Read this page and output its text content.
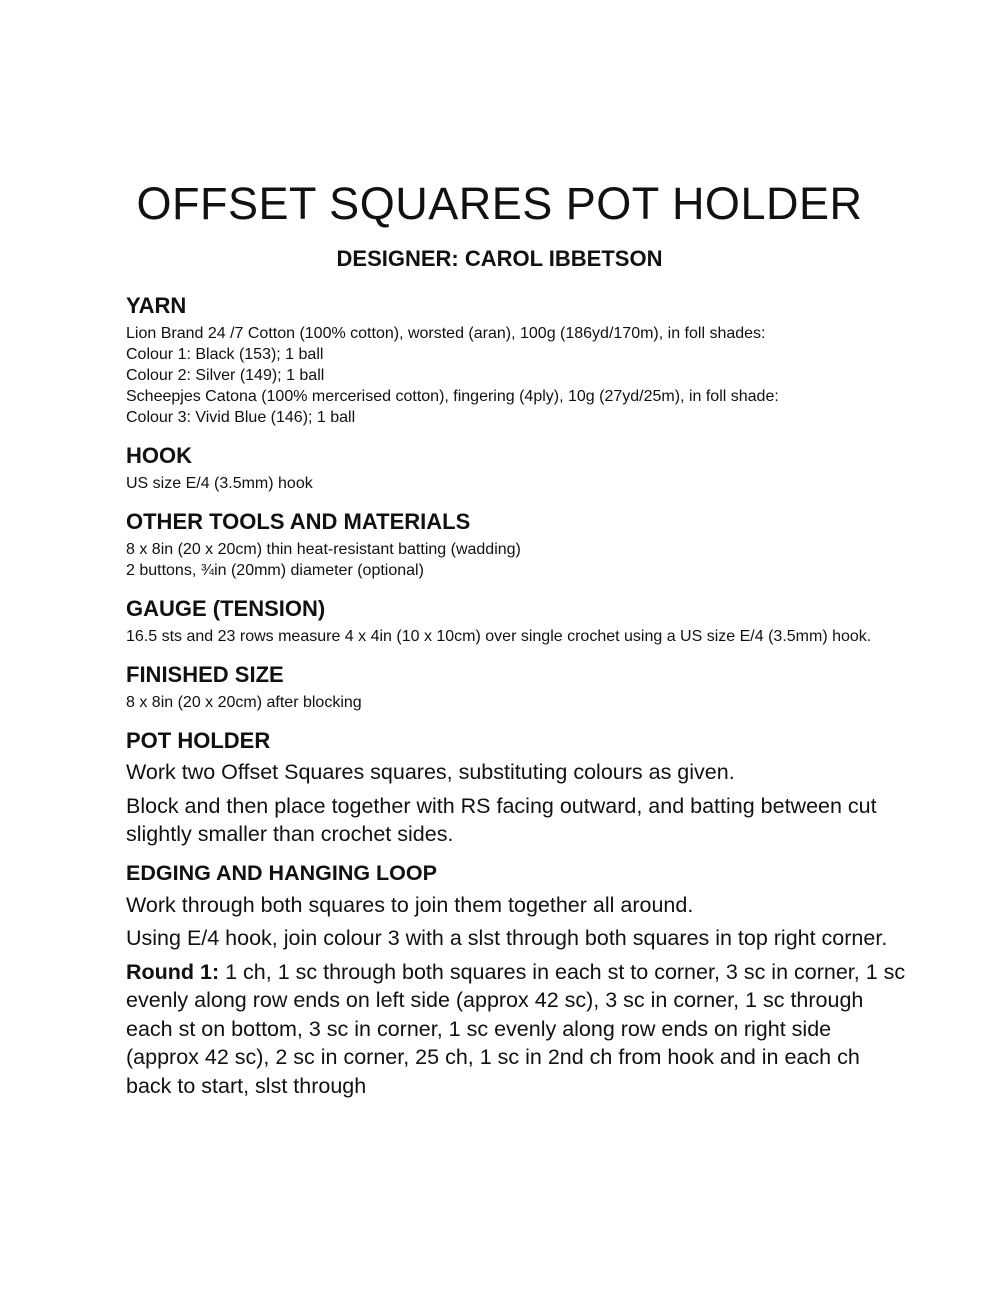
OFFSET SQUARES POT HOLDER
DESIGNER: CAROL IBBETSON
YARN

Lion Brand 24 /7 Cotton (100% cotton), worsted (aran), 100g (186yd/170m), in foll shades:

Colour 1: Black (153); 1 ball

Colour 2: Silver (149); 1 ball

Scheepjes Catona (100% mercerised cotton), fingering (4ply), 10g (27yd/25m), in foll shade:

Colour 3: Vivid Blue (146); 1 ball

HOOK

US size E/4 (3.5mm) hook

OTHER TOOLS AND MATERIALS

8 x 8in (20 x 20cm) thin heat-resistant batting (wadding)

2 buttons, ¾in (20mm) diameter (optional)

GAUGE (TENSION)

16.5 sts and 23 rows measure 4 x 4in (10 x 10cm) over single crochet using a US size E/4 (3.5mm) hook.

FINISHED SIZE

8 x 8in (20 x 20cm) after blocking

POT HOLDER

Work two Offset Squares squares, substituting colours as given.

Block and then place together with RS facing outward, and batting between cut slightly smaller than crochet sides.

EDGING AND HANGING LOOP

Work through both squares to join them together all around.

Using E/4 hook, join colour 3 with a slst through both squares in top right corner.

Round 1: 1 ch, 1 sc through both squares in each st to corner, 3 sc in corner, 1 sc evenly along row ends on left side (approx 42 sc), 3 sc in corner, 1 sc through each st on bottom, 3 sc in corner, 1 sc evenly along row ends on right side (approx 42 sc), 2 sc in corner, 25 ch, 1 sc in 2nd ch from hook and in each ch back to start, slst through
